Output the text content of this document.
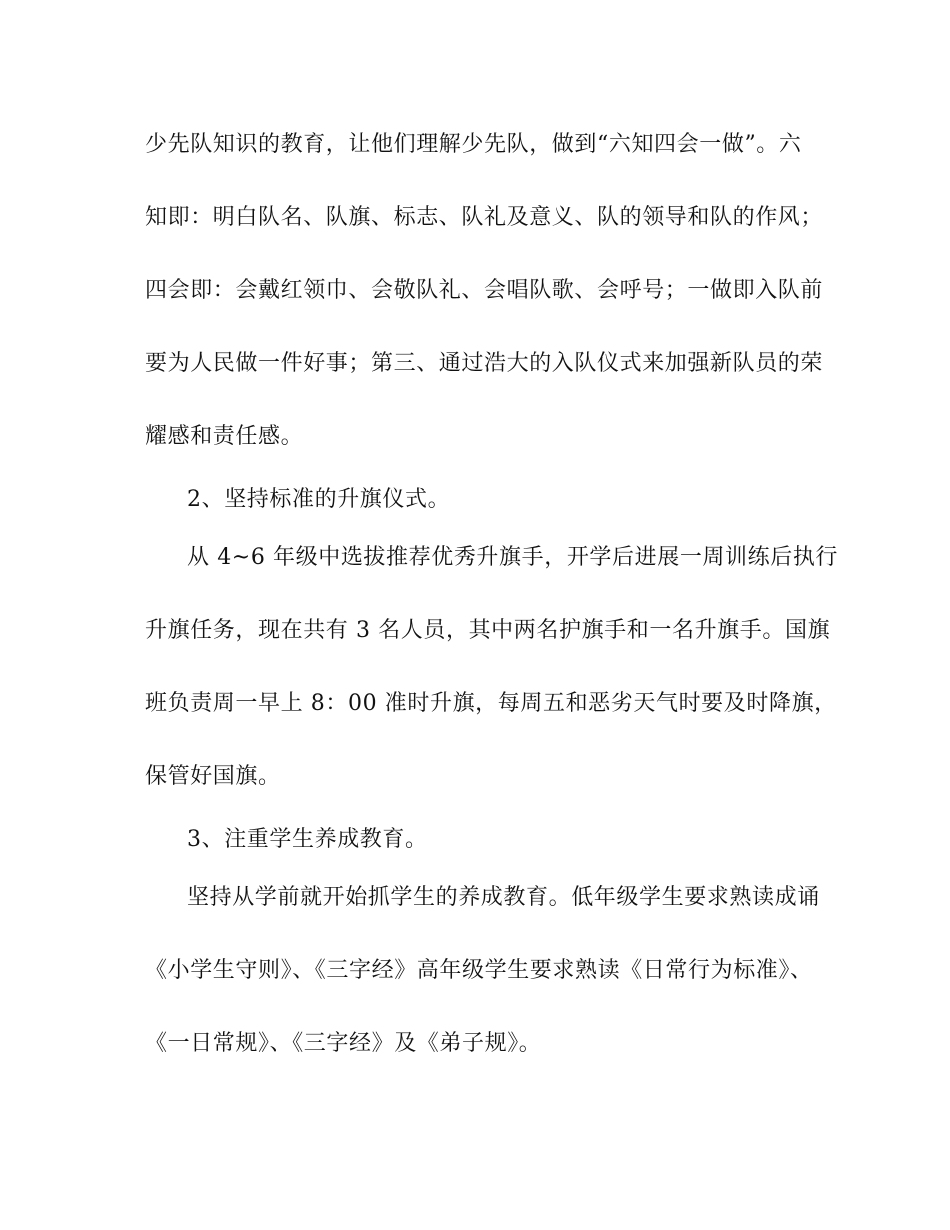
少先队知识的教育，让他们理解少先队，做到“六知四会一做”。六
知即：明白队名、队旗、标志、队礼及意义、队的领导和队的作风；
四会即：会戴红领巾、会敬队礼、会唱队歌、会呼号；一做即入队前
要为人民做一件好事；第三、通过浩大的入队仪式来加强新队员的荣
耀感和责任感。
2、坚持标准的升旗仪式。
从 4~6 年级中选拔推荐优秀升旗手，开学后进展一周训练后执行
升旗任务，现在共有 3 名人员，其中两名护旗手和一名升旗手。国旗
班负责周一早上 8：00 准时升旗，每周五和恶劣天气时要及时降旗，
保管好国旗。
3、注重学生养成教育。
坚持从学前就开始抓学生的养成教育。低年级学生要求熟读成诵
《小学生守则》、《三字经》高年级学生要求熟读《日常行为标准》、
《一日常规》、《三字经》及《弟子规》。
